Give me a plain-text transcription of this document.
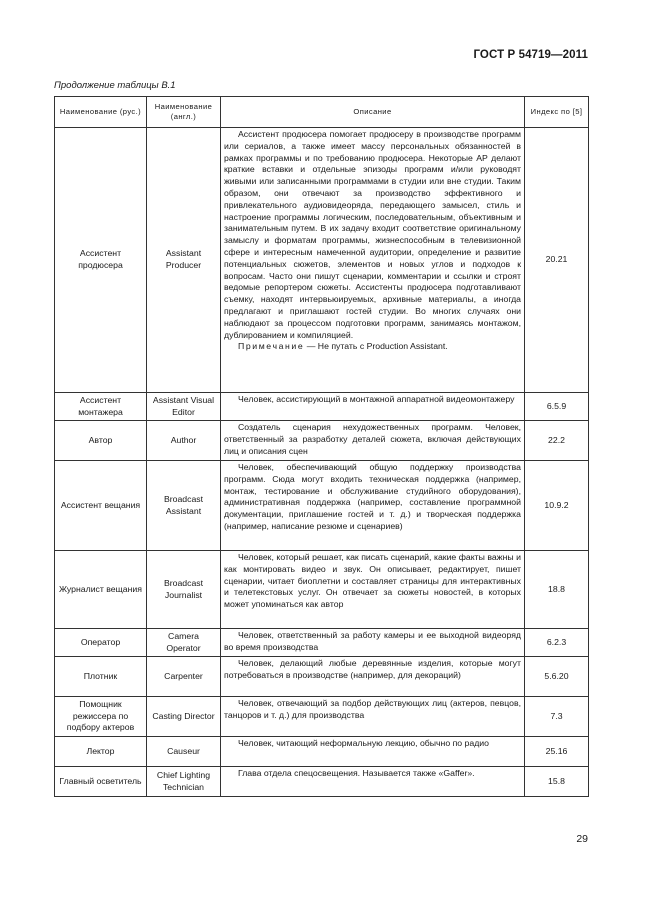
ГОСТ Р 54719—2011
Продолжение таблицы В.1
Наименование (рус.)	Наименование (англ.)	Описание	Индекс по [5]
Ассистент продюсера	Assistant Producer	Ассистент продюсера помогает продюсеру в производстве программ или сериалов, а также имеет массу персональных обязанностей в рамках программы и по требованию продюсера. Некоторые АР делают краткие вставки и отдельные эпизоды программ и/или руководят живыми или записанными программами в студии или вне студии. Таким образом, они отвечают за производство эффективного и привлекательного аудиовидеоряда, передающего замысел, стиль и настроение программы логическим, последовательным, объективным и занимательным путем. В их задачу входит соответствие оригинальному замыслу и форматам программы, жизнеспособным в телевизионной сфере и интересным намеченной аудитории, определение и развитие потенциальных сюжетов, элементов и новых углов и подходов к вопросам. Часто они пишут сценарии, комментарии и ссылки и строят ведомые репортером сюжеты. Ассистенты продюсера подготавливают съемку, находят интервьюируемых, архивные материалы, а иногда предлагают и приглашают гостей студии. Во многих случаях они наблюдают за процессом подготовки программ, занимаясь монтажом, дублированием и компиляцией.

Примечание — Не путать с Production Assistant.	20.21
Ассистент монтажера	Assistant Visual Editor	Человек, ассистирующий в монтажной аппаратной видеомонтажеру	6.5.9
Автор	Author	Создатель сценария нехудожественных программ. Человек, ответственный за разработку деталей сюжета, включая действующих лиц и описания сцен	22.2
Ассистент вещания	Broadcast Assistant	Человек, обеспечивающий общую поддержку производства программ. Сюда могут входить техническая поддержка (например, монтаж, тестирование и обслуживание студийного оборудования), административная поддержка (например, составление программной документации, приглашение гостей и т. д.) и творческая поддержка (например, написание резюме и сценариев)	10.9.2
Журналист вещания	Broadcast Journalist	Человек, который решает, как писать сценарий, какие факты важны и как монтировать видео и звук. Он описывает, редактирует, пишет сценарии, читает биоплетни и составляет страницы для интерактивных и телетекстовых услуг. Он отвечает за сюжеты новостей, в которых может упоминаться как автор	18.8
Оператор	Camera Operator	Человек, ответственный за работу камеры и ее выходной видеоряд во время производства	6.2.3
Плотник	Carpenter	Человек, делающий любые деревянные изделия, которые могут потребоваться в производстве (например, для декораций)	5.6.20
Помощник режиссера по подбору актеров	Casting Director	Человек, отвечающий за подбор действующих лиц (актеров, певцов, танцоров и т. д.) для производства	7.3
Лектор	Causeur	Человек, читающий неформальную лекцию, обычно по радио	25.16
Главный осветитель	Chief Lighting Technician	Глава отдела спецосвещения. Называется также «Gaffer».	15.8
29
